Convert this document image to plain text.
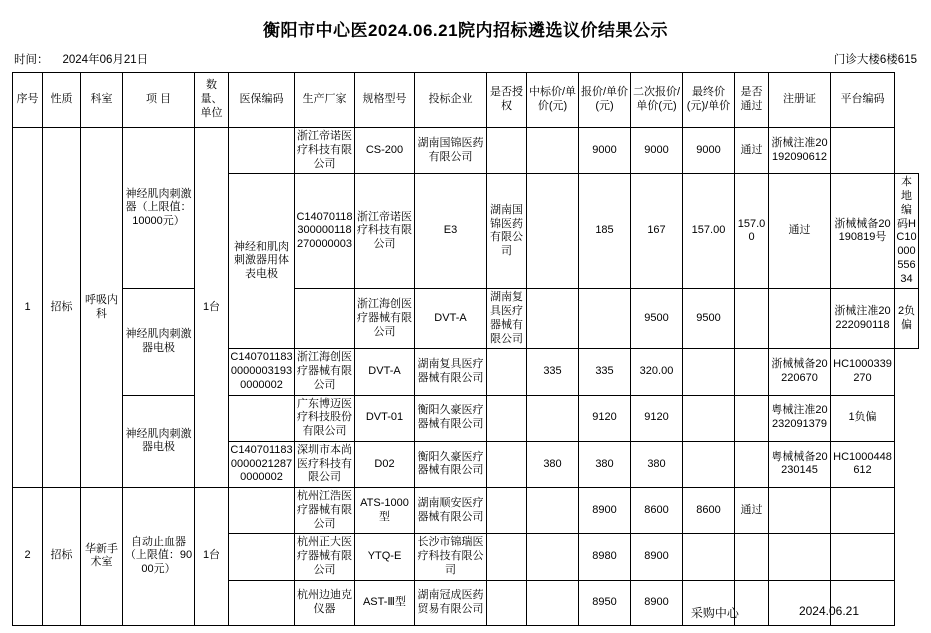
衡阳市中心医2024.06.21院内招标遴选议价结果公示
时间： 2024年06月21日	门诊大楼6楼615
序号	性质	科室	项 目	数量、单位	医保编码	生产厂家	规格型号	投标企业	是否授权	中标价/单价(元)	报价/单价(元)	二次报价/单价(元)	最终价(元)/单价	是否通过	注册证	平台编码	
1	招标	呼吸内科	神经肌肉刺激器（上限值：10000元）	1台		浙江帝诺医疗科技有限公司	CS-200	湖南国锦医药有限公司			9000	9000	9000	通过	浙械注准20192090612		
					神经和肌肉刺激器用体表电极	C14070118300000118270000003	浙江帝诺医疗科技有限公司	E3	湖南国锦医药有限公司		185	167	157.00	157.00	通过	浙械械备20190819号	本地编码HC1000055634
			神经肌肉刺激器电极				浙江海创医疗器械有限公司	DVT-A	湖南复具医疗器械有限公司			9500	9500			浙械注准20222090118	2负偏
					C14070118300000031930000002	浙江海创医疗器械有限公司	DVT-A	湖南复具医疗器械有限公司		335	335	320.00			浙械械备20220670	HC1000339270	
			神经肌肉刺激器电极			广东博迈医疗科技股份有限公司	DVT-01	衡阳久豪医疗器械有限公司			9120	9120			粤械注准20232091379	1负偏	
					C14070118300000212870000002	深圳市本尚医疗科技有限公司	D02	衡阳久豪医疗器械有限公司		380	380	380			粤械械备20230145	HC1000448612	
2	招标	华新手术室	自动止血器（上限值：9000元）	1台		杭州江浩医疗器械有限公司	ATS-1000型	湖南顺安医疗器械有限公司			8900	8600	8600	通过			
						杭州正大医疗器械有限公司	YTQ-E	长沙市锦瑞医疗科技有限公司			8980	8900					
						杭州边迪克仪器	AST-Ⅲ型	湖南冠成医药贸易有限公司			8950	8900					
采购中心	2024.06.21
